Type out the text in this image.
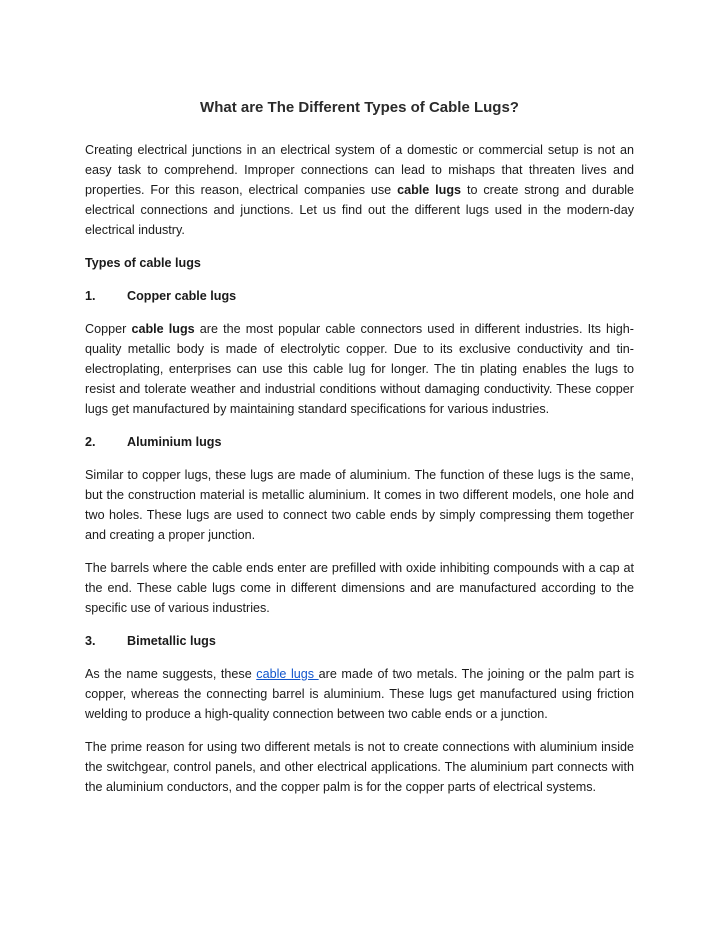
What are The Different Types of Cable Lugs?

Creating electrical junctions in an electrical system of a domestic or commercial setup is not an easy task to comprehend. Improper connections can lead to mishaps that threaten lives and properties. For this reason, electrical companies use cable lugs to create strong and durable electrical connections and junctions. Let us find out the different lugs used in the modern-day electrical industry.

Types of cable lugs
1.	Copper cable lugs

Copper cable lugs are the most popular cable connectors used in different industries. Its high-quality metallic body is made of electrolytic copper. Due to its exclusive conductivity and tin-electroplating, enterprises can use this cable lug for longer. The tin plating enables the lugs to resist and tolerate weather and industrial conditions without damaging conductivity. These copper lugs get manufactured by maintaining standard specifications for various industries.

2.	Aluminium lugs

Similar to copper lugs, these lugs are made of aluminium. The function of these lugs is the same, but the construction material is metallic aluminium. It comes in two different models, one hole and two holes. These lugs are used to connect two cable ends by simply compressing them together and creating a proper junction.

The barrels where the cable ends enter are prefilled with oxide inhibiting compounds with a cap at the end. These cable lugs come in different dimensions and are manufactured according to the specific use of various industries.

3.	Bimetallic lugs

As the name suggests, these cable lugs are made of two metals. The joining or the palm part is copper, whereas the connecting barrel is aluminium. These lugs get manufactured using friction welding to produce a high-quality connection between two cable ends or a junction.

The prime reason for using two different metals is not to create connections with aluminium inside the switchgear, control panels, and other electrical applications. The aluminium part connects with the aluminium conductors, and the copper palm is for the copper parts of electrical systems.
